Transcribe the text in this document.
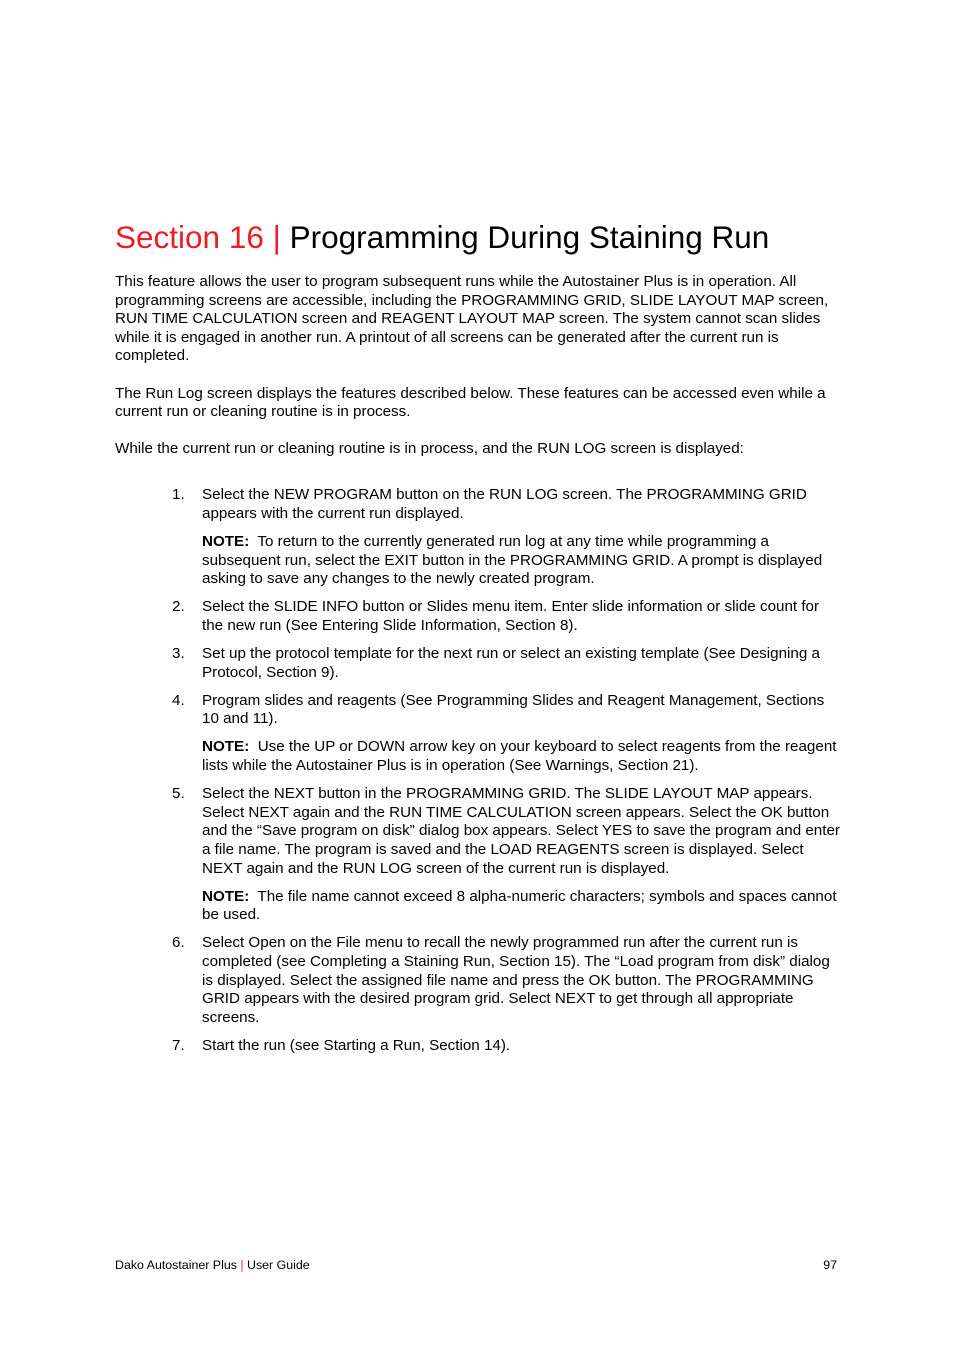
Section 16 | Programming During Staining Run

This feature allows the user to program subsequent runs while the Autostainer Plus is in operation. All programming screens are accessible, including the PROGRAMMING GRID, SLIDE LAYOUT MAP screen, RUN TIME CALCULATION screen and REAGENT LAYOUT MAP screen. The system cannot scan slides while it is engaged in another run. A printout of all screens can be generated after the current run is completed.

The Run Log screen displays the features described below. These features can be accessed even while a current run or cleaning routine is in process.

While the current run or cleaning routine is in process, and the RUN LOG screen is displayed:

1. Select the NEW PROGRAM button on the RUN LOG screen. The PROGRAMMING GRID appears with the current run displayed.
NOTE:  To return to the currently generated run log at any time while programming a subsequent run, select the EXIT button in the PROGRAMMING GRID. A prompt is displayed asking to save any changes to the newly created program.
2. Select the SLIDE INFO button or Slides menu item. Enter slide information or slide count for the new run (See Entering Slide Information, Section 8).
3. Set up the protocol template for the next run or select an existing template (See Designing a Protocol, Section 9).
4. Program slides and reagents (See Programming Slides and Reagent Management, Sections 10 and 11).
NOTE:  Use the UP or DOWN arrow key on your keyboard to select reagents from the reagent lists while the Autostainer Plus is in operation (See Warnings, Section 21).
5. Select the NEXT button in the PROGRAMMING GRID. The SLIDE LAYOUT MAP appears. Select NEXT again and the RUN TIME CALCULATION screen appears. Select the OK button and the “Save program on disk” dialog box appears. Select YES to save the program and enter a file name. The program is saved and the LOAD REAGENTS screen is displayed. Select NEXT again and the RUN LOG screen of the current run is displayed.
NOTE:  The file name cannot exceed 8 alpha-numeric characters; symbols and spaces cannot be used.
6. Select Open on the File menu to recall the newly programmed run after the current run is completed (see Completing a Staining Run, Section 15). The “Load program from disk” dialog is displayed. Select the assigned file name and press the OK button. The PROGRAMMING GRID appears with the desired program grid. Select NEXT to get through all appropriate screens.
7. Start the run (see Starting a Run, Section 14).
Dako Autostainer Plus | User Guide	97
